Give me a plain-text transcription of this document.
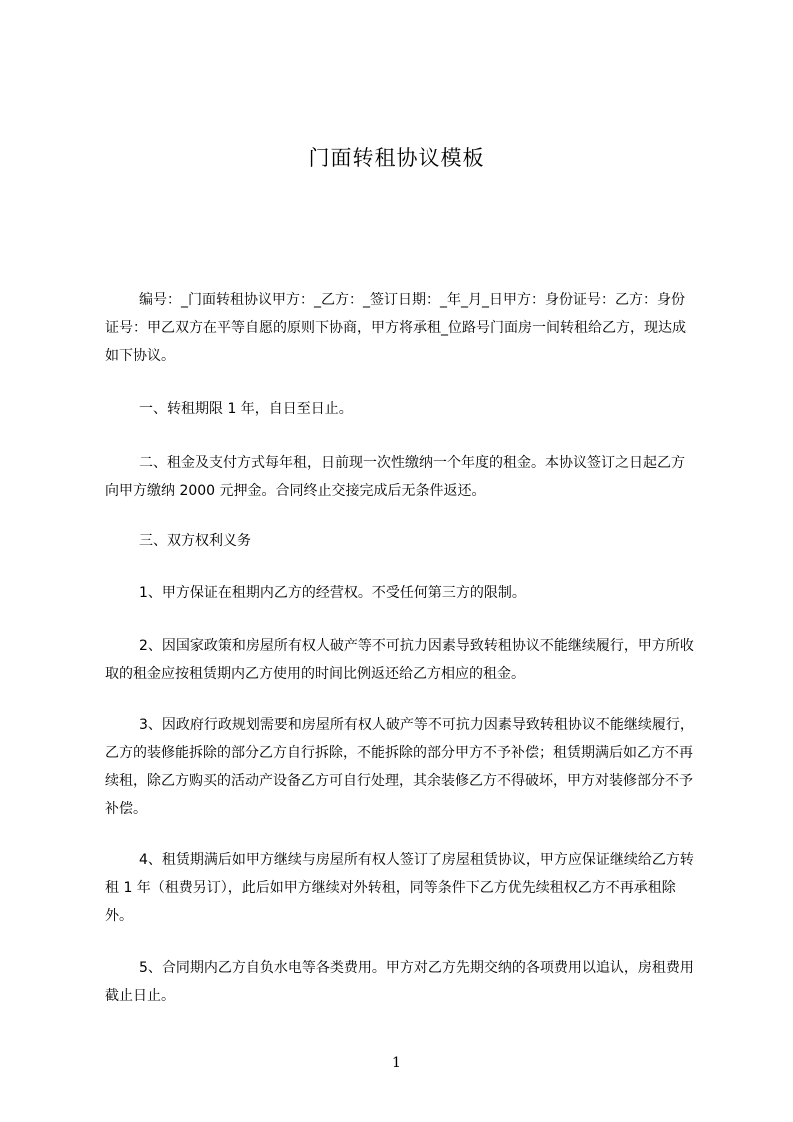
门面转租协议模板

编号：_门面转租协议甲方：_乙方：_签订日期：_年_月_日甲方：身份证号：乙方：身份证号：甲乙双方在平等自愿的原则下协商，甲方将承租_位路号门面房一间转租给乙方，现达成如下协议。

一、转租期限 1 年，自日至日止。

二、租金及支付方式每年租，日前现一次性缴纳一个年度的租金。本协议签订之日起乙方向甲方缴纳 2000 元押金。合同终止交接完成后无条件返还。

三、双方权利义务

1、甲方保证在租期内乙方的经营权。不受任何第三方的限制。

2、因国家政策和房屋所有权人破产等不可抗力因素导致转租协议不能继续履行，甲方所收取的租金应按租赁期内乙方使用的时间比例返还给乙方相应的租金。

3、因政府行政规划需要和房屋所有权人破产等不可抗力因素导致转租协议不能继续履行，乙方的装修能拆除的部分乙方自行拆除，不能拆除的部分甲方不予补偿；租赁期满后如乙方不再续租，除乙方购买的活动产设备乙方可自行处理，其余装修乙方不得破坏，甲方对装修部分不予补偿。

4、租赁期满后如甲方继续与房屋所有权人签订了房屋租赁协议，甲方应保证继续给乙方转租 1 年（租费另订），此后如甲方继续对外转租，同等条件下乙方优先续租权乙方不再承租除外。

5、合同期内乙方自负水电等各类费用。甲方对乙方先期交纳的各项费用以追认，房租费用截止日止。

1
